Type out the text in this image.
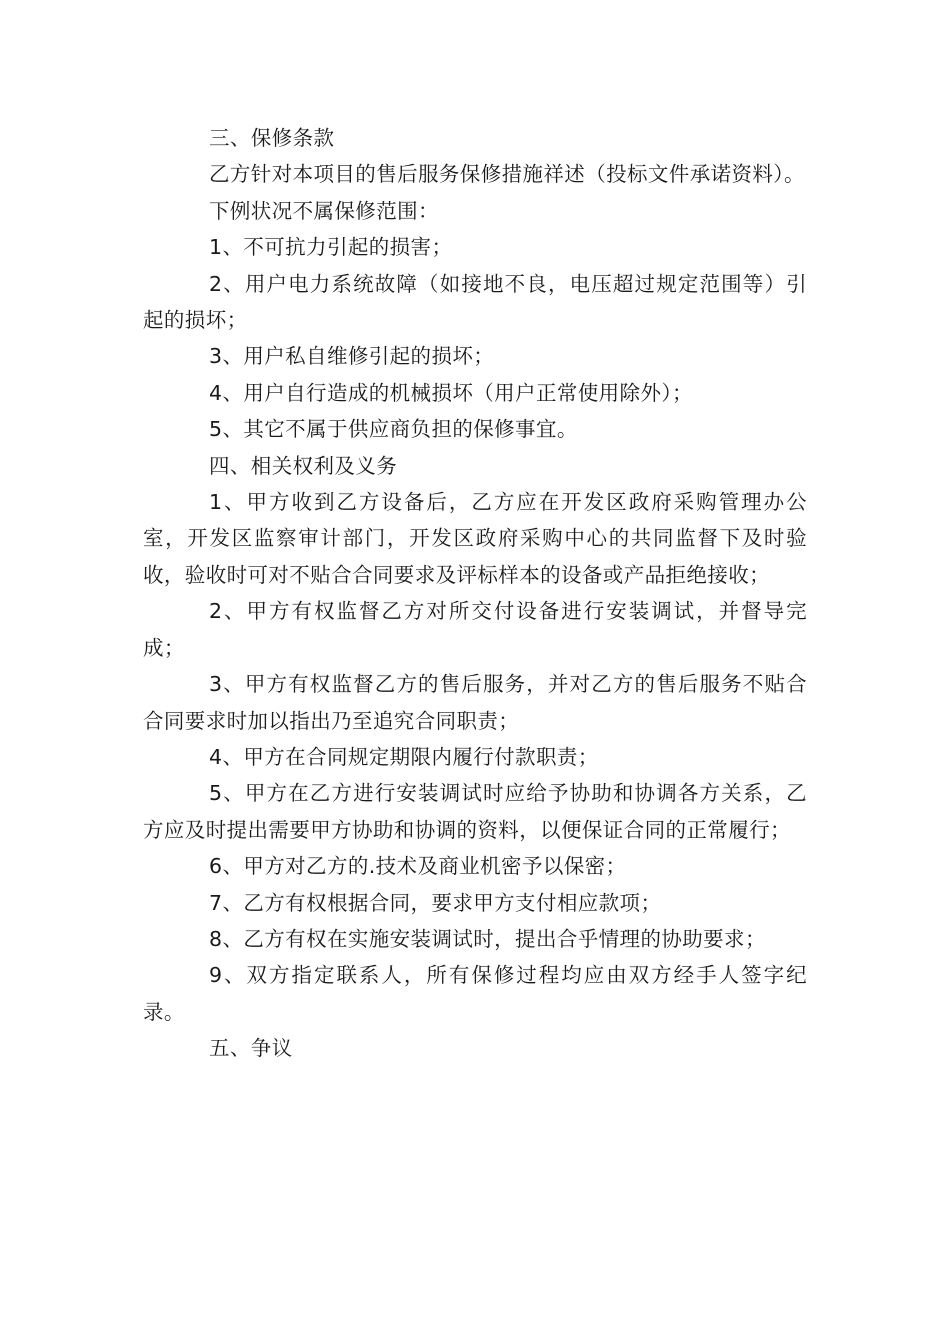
三、保修条款

乙方针对本项目的售后服务保修措施祥述（投标文件承诺资料）。

下例状况不属保修范围：

1、不可抗力引起的损害；

2、用户电力系统故障（如接地不良，电压超过规定范围等）引起的损坏；

3、用户私自维修引起的损坏；

4、用户自行造成的机械损坏（用户正常使用除外）；

5、其它不属于供应商负担的保修事宜。

四、相关权利及义务

1、甲方收到乙方设备后，乙方应在开发区政府采购管理办公室，开发区监察审计部门，开发区政府采购中心的共同监督下及时验收，验收时可对不贴合合同要求及评标样本的设备或产品拒绝接收；

2、甲方有权监督乙方对所交付设备进行安装调试，并督导完成；

3、甲方有权监督乙方的售后服务，并对乙方的售后服务不贴合合同要求时加以指出乃至追究合同职责；

4、甲方在合同规定期限内履行付款职责；

5、甲方在乙方进行安装调试时应给予协助和协调各方关系，乙方应及时提出需要甲方协助和协调的资料，以便保证合同的正常履行；

6、甲方对乙方的.技术及商业机密予以保密；

7、乙方有权根据合同，要求甲方支付相应款项；

8、乙方有权在实施安装调试时，提出合乎情理的协助要求；

9、双方指定联系人，所有保修过程均应由双方经手人签字纪录。

五、争议
